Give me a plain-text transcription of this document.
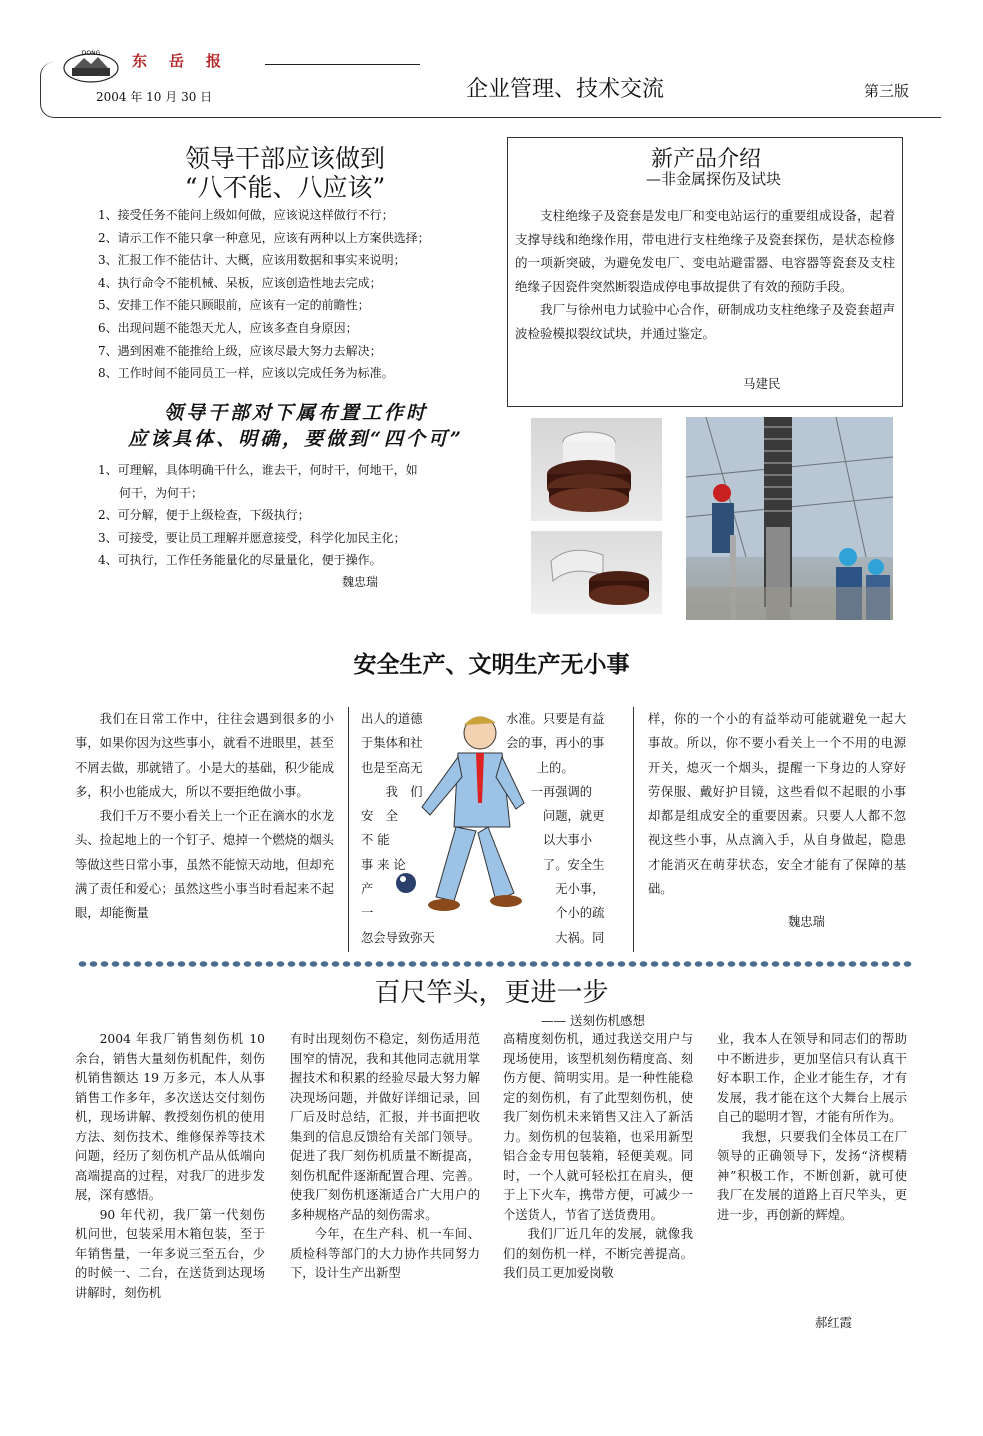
DONG 东岳报
2004 年 10 月 30 日	企业管理、技术交流	第三版
领导干部应该做到
“八不能、八应该”
1、接受任务不能问上级如何做，应该说这样做行不行；
2、请示工作不能只拿一种意见，应该有两种以上方案供选择；
3、汇报工作不能估计、大概，应该用数据和事实来说明；
4、执行命令不能机械、呆板，应该创造性地去完成；
5、安排工作不能只顾眼前，应该有一定的前瞻性；
6、出现问题不能怨天尤人，应该多查自身原因；
7、遇到困难不能推给上级，应该尽最大努力去解决；
8、工作时间不能同员工一样，应该以完成任务为标准。
领导干部对下属布置工作时
应该具体、明确，要做到“四个可”
1、可理解，具体明确干什么，谁去干，何时干，何地干，如
何干，为何干；
2、可分解，便于上级检查，下级执行；
3、可接受，要让员工理解并愿意接受，科学化加民主化；
4、可执行，工作任务能量化的尽量量化，便于操作。
魏忠瑞
新产品介绍
—非金属探伤及试块

支柱绝缘子及瓷套是发电厂和变电站运行的重要组成设备，起着支撑导线和绝缘作用，带电进行支柱绝缘子及瓷套探伤，是状态检修的一项新突破，为避免发电厂、变电站避雷器、电容器等瓷套及支柱绝缘子因瓷件突然断裂造成停电事故提供了有效的预防手段。

我厂与徐州电力试验中心合作，研制成功支柱绝缘子及瓷套超声波检验模拟裂纹试块，并通过鉴定。

马建民
安全生产、文明生产无小事

我们在日常工作中，往往会遇到很多的小事，如果你因为这些事小，就看不进眼里，甚至不屑去做，那就错了。小是大的基础，积少能成多，积小也能成大，所以不要拒绝做小事。

我们千万不要小看关上一个正在滴水的水龙头、捡起地上的一个钉子、熄掉一个燃烧的烟头等做这些日常小事，虽然不能惊天动地，但却充满了责任和爱心；虽然这些小事当时看起来不起眼，却能衡量

出人的道德
于集体和社
也是至高无
我　们
安　全
不 能
事 来 论
产
一
忽会导致弥天
水准。只要是有益
会的事，再小的事
上的。
一再强调的
问题，就更
以大事小
了。安全生
无小事，
个小的疏
大祸。同
样，你的一个小的有益举动可能就避免一起大事故。所以，你不要小看关上一个不用的电源开关，熄灭一个烟头，提醒一下身边的人穿好劳保服、戴好护目镜，这些看似不起眼的小事却都是组成安全的重要因素。只要人人都不忽视这些小事，从点滴入手，从自身做起，隐患才能消灭在萌芽状态，安全才能有了保障的基础。
魏忠瑞
百尺竿头，更进一步
—— 送刻伤机感想

2004 年我厂销售刻伤机 10 余台，销售大量刻伤机配件，刻伤机销售额达 19 万多元，本人从事销售工作多年，多次送达交付刻伤机，现场讲解、教授刻伤机的使用方法、刻伤技术、维修保养等技术问题，经历了刻伤机产品从低端向高端提高的过程，对我厂的进步发展，深有感悟。

90 年代初，我厂第一代刻伤机问世，包装采用木箱包装，至于年销售量，一年多说三至五台，少的时候一、二台，在送货到达现场讲解时，刻伤机

有时出现刻伤不稳定，刻伤适用范围窄的情况，我和其他同志就用掌握技术和积累的经验尽最大努力解决现场问题，并做好详细记录，回厂后及时总结，汇报，并书面把收集到的信息反馈给有关部门领导。促进了我厂刻伤机质量不断提高，刻伤机配件逐渐配置合理、完善。使我厂刻伤机逐渐适合广大用户的多种规格产品的刻伤需求。

今年，在生产科、机一车间、质检科等部门的大力协作共同努力下，设计生产出新型

高精度刻伤机，通过我送交用户与现场使用，该型机刻伤精度高、刻伤方便、简明实用。是一种性能稳定的刻伤机，有了此型刻伤机，使我厂刻伤机未来销售又注入了新活力。刻伤机的包装箱，也采用新型铝合金专用包装箱，轻便美观。同时，一个人就可轻松扛在肩头，便于上下火车，携带方便，可减少一个送货人，节省了送货费用。

我们厂近几年的发展，就像我们的刻伤机一样，不断完善提高。我们员工更加爱岗敬

业，我本人在领导和同志们的帮助中不断进步，更加坚信只有认真干好本职工作，企业才能生存，才有发展，我才能在这个大舞台上展示自己的聪明才智，才能有所作为。

我想，只要我们全体员工在厂领导的正确领导下，发扬“济楔精神”积极工作，不断创新，就可使我厂在发展的道路上百尺竿头，更进一步，再创新的辉煌。

郝红霞
